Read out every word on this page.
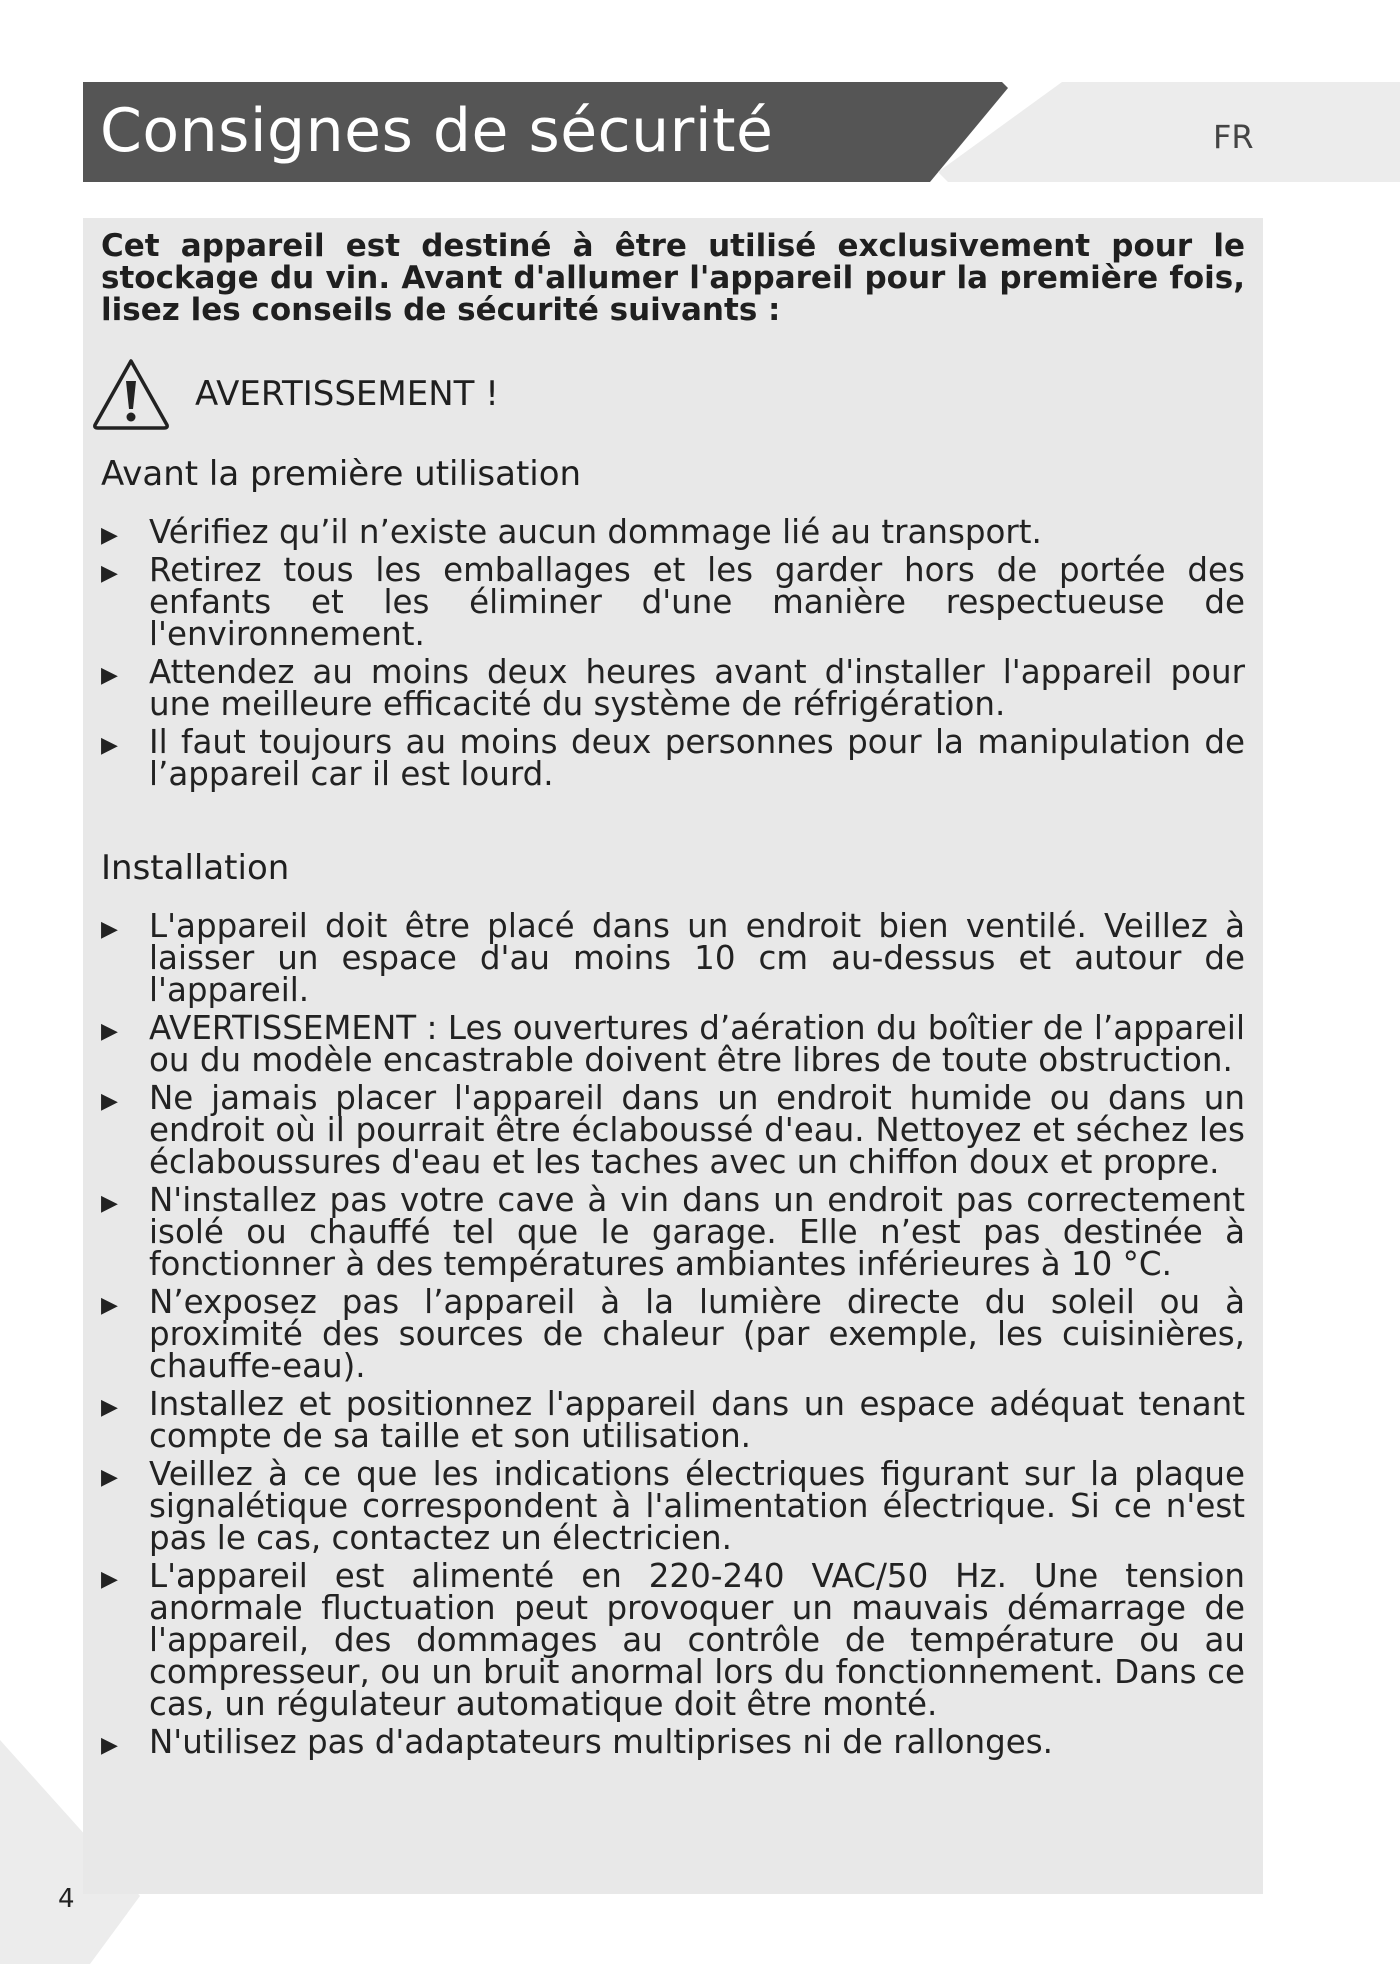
Consignes de sécurité	FR

Cet appareil est destiné à être utilisé exclusivement pour le stockage du vin. Avant d'allumer l'appareil pour la première fois, lisez les conseils de sécurité suivants :

AVERTISSEMENT !
Avant la première utilisation
▶ Vérifiez qu’il n’existe aucun dommage lié au transport.
▶ Retirez tous les emballages et les garder hors de portée des enfants et les éliminer d'une manière respectueuse de l'environnement.
▶ Attendez au moins deux heures avant d'installer l'appareil pour une meilleure efficacité du système de réfrigération.
▶ Il faut toujours au moins deux personnes pour la manipulation de l’appareil car il est lourd.
Installation
▶ L'appareil doit être placé dans un endroit bien ventilé. Veillez à laisser un espace d'au moins 10 cm au-dessus et autour de l'appareil.
▶ AVERTISSEMENT : Les ouvertures d’aération du boîtier de l’appareil ou du modèle encastrable doivent être libres de toute obstruction.
▶ Ne jamais placer l'appareil dans un endroit humide ou dans un endroit où il pourrait être éclaboussé d'eau. Nettoyez et séchez les éclaboussures d'eau et les taches avec un chiffon doux et propre.
▶ N'installez pas votre cave à vin dans un endroit pas correctement isolé ou chauffé tel que le garage. Elle n’est pas destinée à fonctionner à des températures ambiantes inférieures à 10 °C.
▶ N’exposez pas l’appareil à la lumière directe du soleil ou à proximité des sources de chaleur (par exemple, les cuisinières, chauffe-eau).
▶ Installez et positionnez l'appareil dans un espace adéquat tenant compte de sa taille et son utilisation.
▶ Veillez à ce que les indications électriques figurant sur la plaque signalétique correspondent à l'alimentation électrique. Si ce n'est pas le cas, contactez un électricien.
▶ L'appareil est alimenté en 220-240 VAC/50 Hz. Une tension anormale fluctuation peut provoquer un mauvais démarrage de l'appareil, des dommages au contrôle de température ou au compresseur, ou un bruit anormal lors du fonctionnement. Dans ce cas, un régulateur automatique doit être monté.
▶ N'utilisez pas d'adaptateurs multiprises ni de rallonges.
4
